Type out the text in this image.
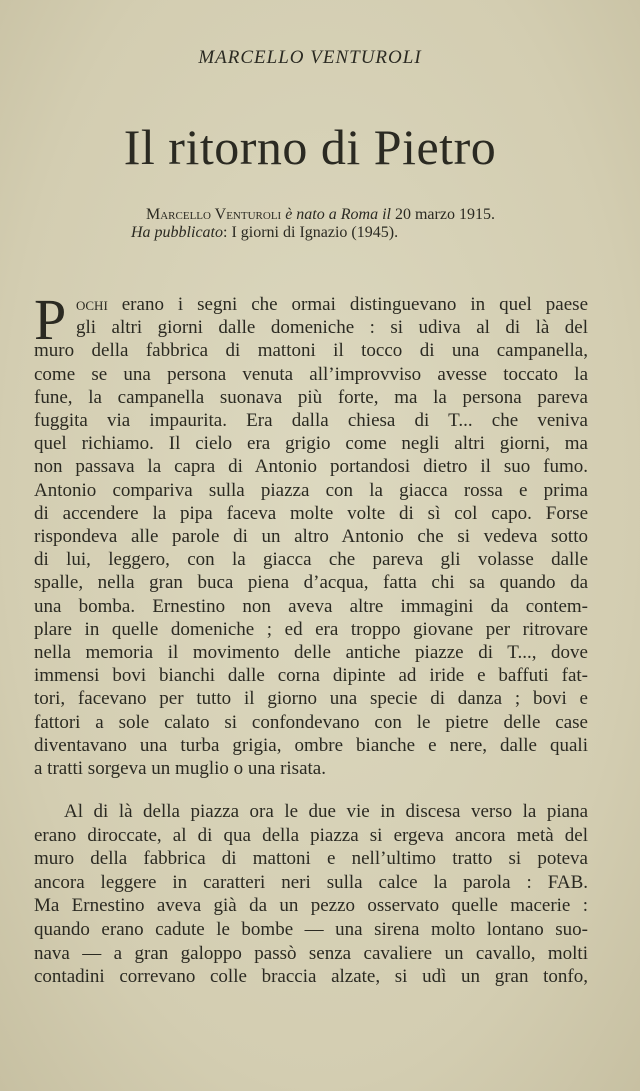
MARCELLO VENTUROLI
Il ritorno di Pietro
Marcello Venturoli è nato a Roma il 20 marzo 1915.
Ha pubblicato: I giorni di Ignazio (1945).
P ochi erano i segni che ormai distinguevano in quel paese
gli altri giorni dalle domeniche : si udiva al di là del
muro della fabbrica di mattoni il tocco di una campanella,
come se una persona venuta all’improvviso avesse toccato la
fune, la campanella suonava più forte, ma la persona pareva
fuggita via impaurita. Era dalla chiesa di T... che veniva
quel richiamo. Il cielo era grigio come negli altri giorni, ma
non passava la capra di Antonio portandosi dietro il suo fumo.
Antonio compariva sulla piazza con la giacca rossa e prima
di accendere la pipa faceva molte volte di sì col capo. Forse
rispondeva alle parole di un altro Antonio che si vedeva sotto
di lui, leggero, con la giacca che pareva gli volasse dalle
spalle, nella gran buca piena d’acqua, fatta chi sa quando da
una bomba. Ernestino non aveva altre immagini da contem-
plare in quelle domeniche ; ed era troppo giovane per ritrovare
nella memoria il movimento delle antiche piazze di T..., dove
immensi bovi bianchi dalle corna dipinte ad iride e baffuti fat-
tori, facevano per tutto il giorno una specie di danza ; bovi e
fattori a sole calato si confondevano con le pietre delle case
diventavano una turba grigia, ombre bianche e nere, dalle quali
a tratti sorgeva un muglio o una risata.
Al di là della piazza ora le due vie in discesa verso la piana
erano diroccate, al di qua della piazza si ergeva ancora metà del
muro della fabbrica di mattoni e nell’ultimo tratto si poteva
ancora leggere in caratteri neri sulla calce la parola : FAB.
Ma Ernestino aveva già da un pezzo osservato quelle macerie :
quando erano cadute le bombe — una sirena molto lontano suo-
nava — a gran galoppo passò senza cavaliere un cavallo, molti
contadini correvano colle braccia alzate, si udì un gran tonfo,
